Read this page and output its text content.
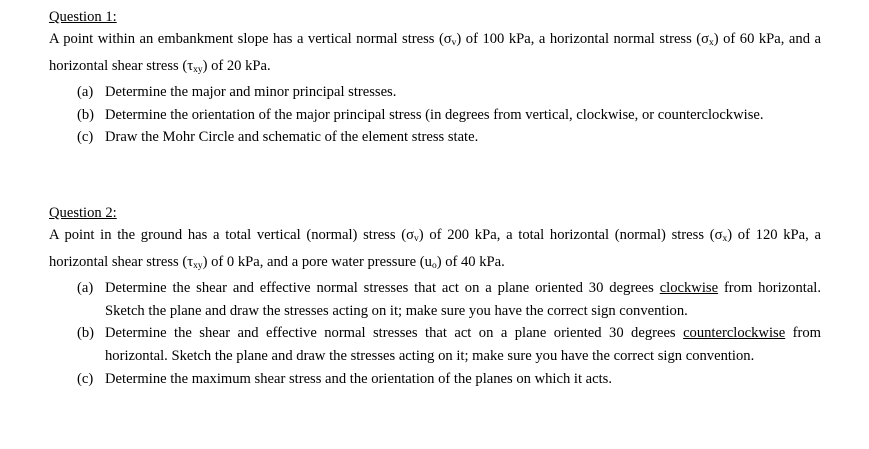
Question 1:
A point within an embankment slope has a vertical normal stress $(\sigma_v)$ of 100 kPa, a horizontal normal stress $(\sigma_x)$ of 60 kPa, and a horizontal shear stress $(\tau_{xy})$ of 20 kPa.
(a) Determine the major and minor principal stresses.
(b) Determine the orientation of the major principal stress (in degrees from vertical, clockwise, or counterclockwise.
(c) Draw the Mohr Circle and schematic of the element stress state.
Question 2:
A point in the ground has a total vertical (normal) stress $(\sigma_v)$ of 200 kPa, a total horizontal (normal) stress $(\sigma_x)$ of 120 kPa, a horizontal shear stress $(\tau_{xy})$ of 0 kPa, and a pore water pressure $(u_o)$ of 40 kPa.
(a) Determine the shear and effective normal stresses that act on a plane oriented 30 degrees clockwise from horizontal. Sketch the plane and draw the stresses acting on it; make sure you have the correct sign convention.
(b) Determine the shear and effective normal stresses that act on a plane oriented 30 degrees counterclockwise from horizontal. Sketch the plane and draw the stresses acting on it; make sure you have the correct sign convention.
(c) Determine the maximum shear stress and the orientation of the planes on which it acts.
